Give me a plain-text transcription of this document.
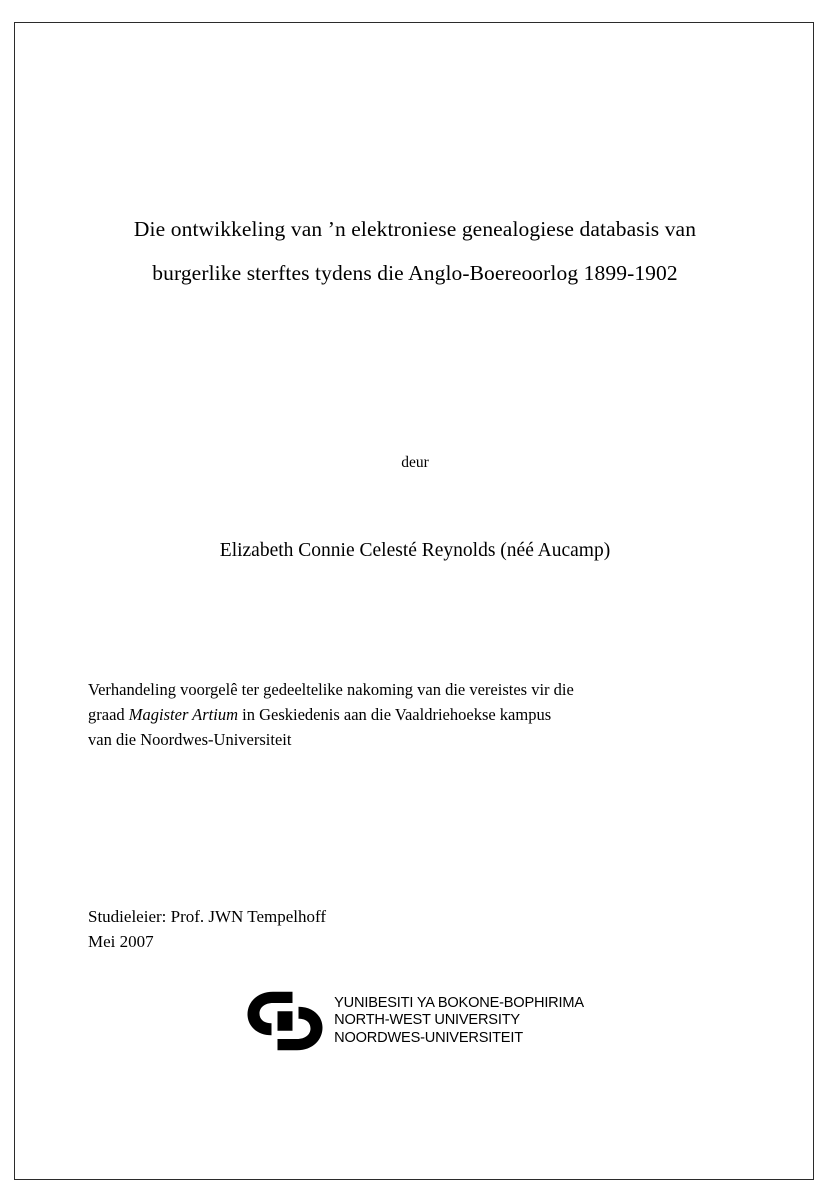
Die ontwikkeling van ’n elektroniese genealogiese databasis van
burgerlike sterftes tydens die Anglo-Boereoorlog 1899-1902
deur
Elizabeth Connie Celesté Reynolds (néé Aucamp)

Verhandeling voorgelê ter gedeeltelike nakoming van die vereistes vir die

graad Magister Artium in Geskiedenis aan die Vaaldriehoekse kampus

van die Noordwes-Universiteit

Studieleier: Prof. JWN Tempelhoff
Mei 2007
YUNIBESITI YA BOKONE-BOPHIRIMA
NORTH-WEST UNIVERSITY
NOORDWES-UNIVERSITEIT
